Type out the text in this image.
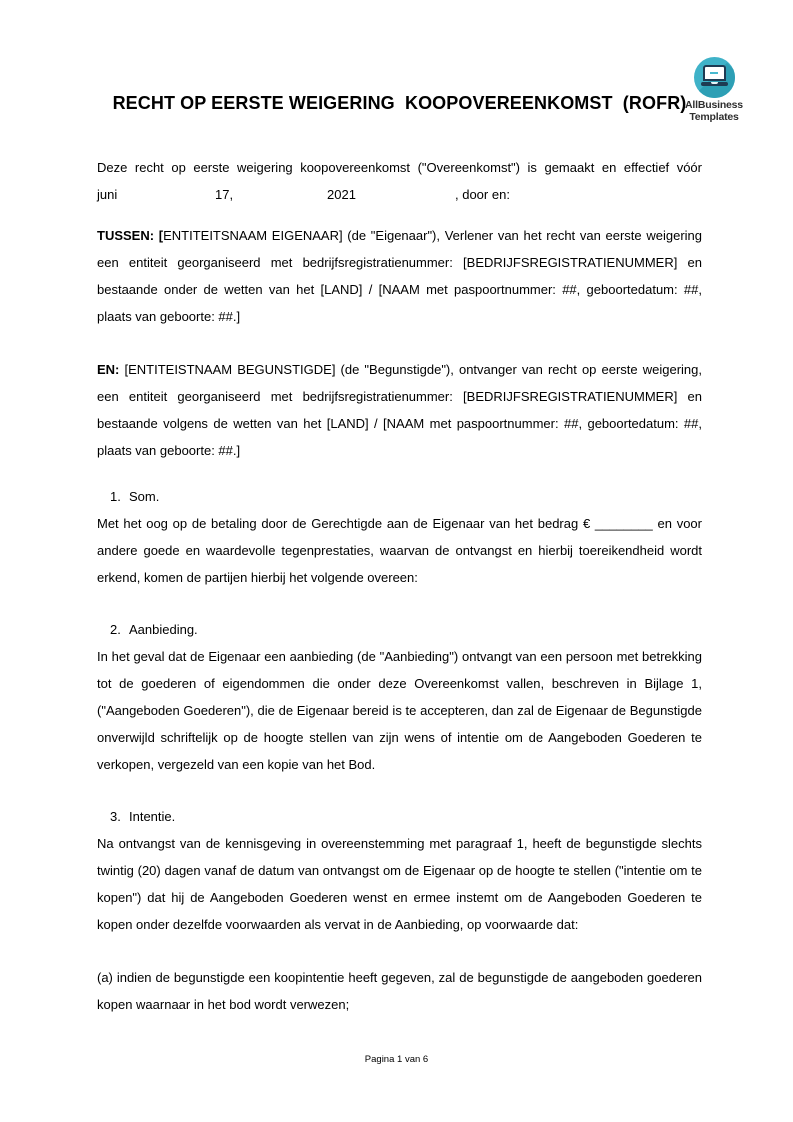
AllBusiness
Templates
RECHT OP EERSTE WEIGERING  KOOPOVEREENKOMST  (ROFR)
Deze recht op eerste weigering koopovereenkomst ("Overeenkomst") is gemaakt en effectief vóór
juni	17,	2021	, door en:

TUSSEN: [ENTITEITSNAAM EIGENAAR] (de "Eigenaar"), Verlener van het recht van eerste weigering een entiteit georganiseerd met bedrijfsregistratienummer: [BEDRIJFSREGISTRATIENUMMER] en bestaande onder de wetten van het [LAND] / [NAAM met paspoortnummer: ##, geboortedatum: ##, plaats van geboorte: ##.]

EN: [ENTITEISTNAAM BEGUNSTIGDE] (de "Begunstigde"), ontvanger van recht op eerste weigering, een entiteit georganiseerd met bedrijfsregistratienummer: [BEDRIJFSREGISTRATIENUMMER] en bestaande volgens de wetten van het [LAND] / [NAAM met paspoortnummer: ##, geboortedatum: ##, plaats van geboorte: ##.]

1. Som.
Met het oog op de betaling door de Gerechtigde aan de Eigenaar van het bedrag € ________ en voor andere goede en waardevolle tegenprestaties, waarvan de ontvangst en hierbij toereikendheid wordt erkend, komen de partijen hierbij het volgende overeen:
2. Aanbieding.
In het geval dat de Eigenaar een aanbieding (de "Aanbieding") ontvangt van een persoon met betrekking tot de goederen of eigendommen die onder deze Overeenkomst vallen, beschreven in Bijlage 1, ("Aangeboden Goederen"), die de Eigenaar bereid is te accepteren, dan zal de Eigenaar de Begunstigde onverwijld schriftelijk op de hoogte stellen van zijn wens of intentie om de Aangeboden Goederen te verkopen, vergezeld van een kopie van het Bod.
3. Intentie.
Na ontvangst van de kennisgeving in overeenstemming met paragraaf 1, heeft de begunstigde slechts twintig (20) dagen vanaf de datum van ontvangst om de Eigenaar op de hoogte te stellen ("intentie om te kopen") dat hij de Aangeboden Goederen wenst en ermee instemt om de Aangeboden Goederen te kopen onder dezelfde voorwaarden als vervat in de Aanbieding, op voorwaarde dat:

(a) indien de begunstigde een koopintentie heeft gegeven, zal de begunstigde de aangeboden goederen kopen waarnaar in het bod wordt verwezen;

Pagina 1 van 6
